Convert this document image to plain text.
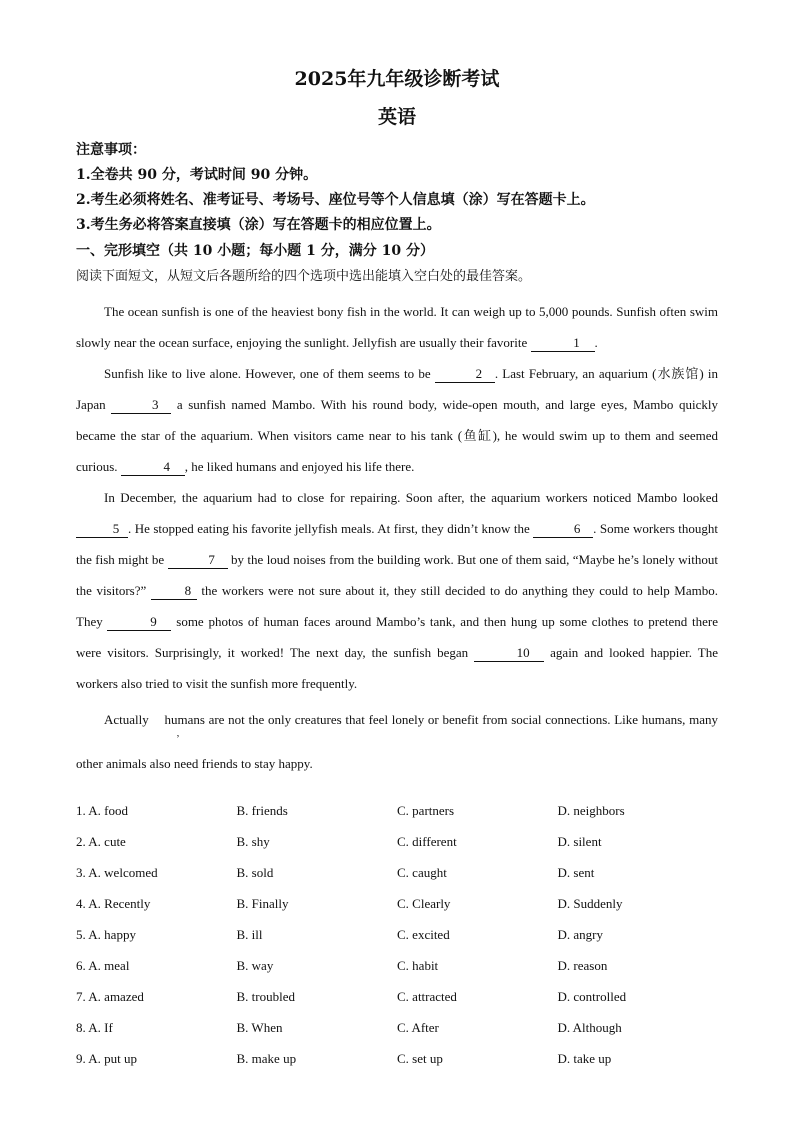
2025年九年级诊断考试
英语
注意事项：
1.全卷共 90 分，考试时间 90 分钟。
2.考生必须将姓名、准考证号、考场号、座位号等个人信息填（涂）写在答题卡上。
3.考生务必将答案直接填（涂）写在答题卡的相应位置上。
一、完形填空（共 10 小题；每小题 1 分，满分 10 分）
阅读下面短文，从短文后各题所给的四个选项中选出能填入空白处的最佳答案。

The ocean sunfish is one of the heaviest bony fish in the world. It can weigh up to 5,000 pounds. Sunfish often swim slowly near the ocean surface, enjoying the sunlight. Jellyfish are usually their favorite	1 .

Sunfish like to live alone. However, one of them seems to be	2 . Last February, an aquarium (水族馆) in Japan	3 a sunfish named Mambo. With his round body, wide-open mouth, and large eyes, Mambo quickly became the star of the aquarium. When visitors came near to his tank (鱼缸), he would swim up to them and seemed curious.	4 , he liked humans and enjoyed his life there.

In December, the aquarium had to close for repairing. Soon after, the aquarium workers noticed Mambo looked 5 . He stopped eating his favorite jellyfish meals. At first, they didn’t know the	6 . Some workers thought the fish might be	7 by the loud noises from the building work. But one of them said, “Maybe he’s lonely without the visitors?”	8 the workers were not sure about it, they still decided to do anything they could to help Mambo. They	9 some photos of human faces around Mambo’s tank, and then hung up some clothes to pretend there were visitors. Surprisingly, it worked! The next day, the sunfish began	10 again and looked happier. The workers also tried to visit the sunfish more frequently.

Actually, humans are not the only creatures that feel lonely or benefit from social connections. Like humans, many other animals also need friends to stay happy.

1. A. food	B. friends	C. partners	D. neighbors
2. A. cute	B. shy	C. different	D. silent
3. A. welcomed	B. sold	C. caught	D. sent
4. A. Recently	B. Finally	C. Clearly	D. Suddenly
5. A. happy	B. ill	C. excited	D. angry
6. A. meal	B. way	C. habit	D. reason
7. A. amazed	B. troubled	C. attracted	D. controlled
8. A. If	B. When	C. After	D. Although
9. A. put up	B. make up	C. set up	D. take up
